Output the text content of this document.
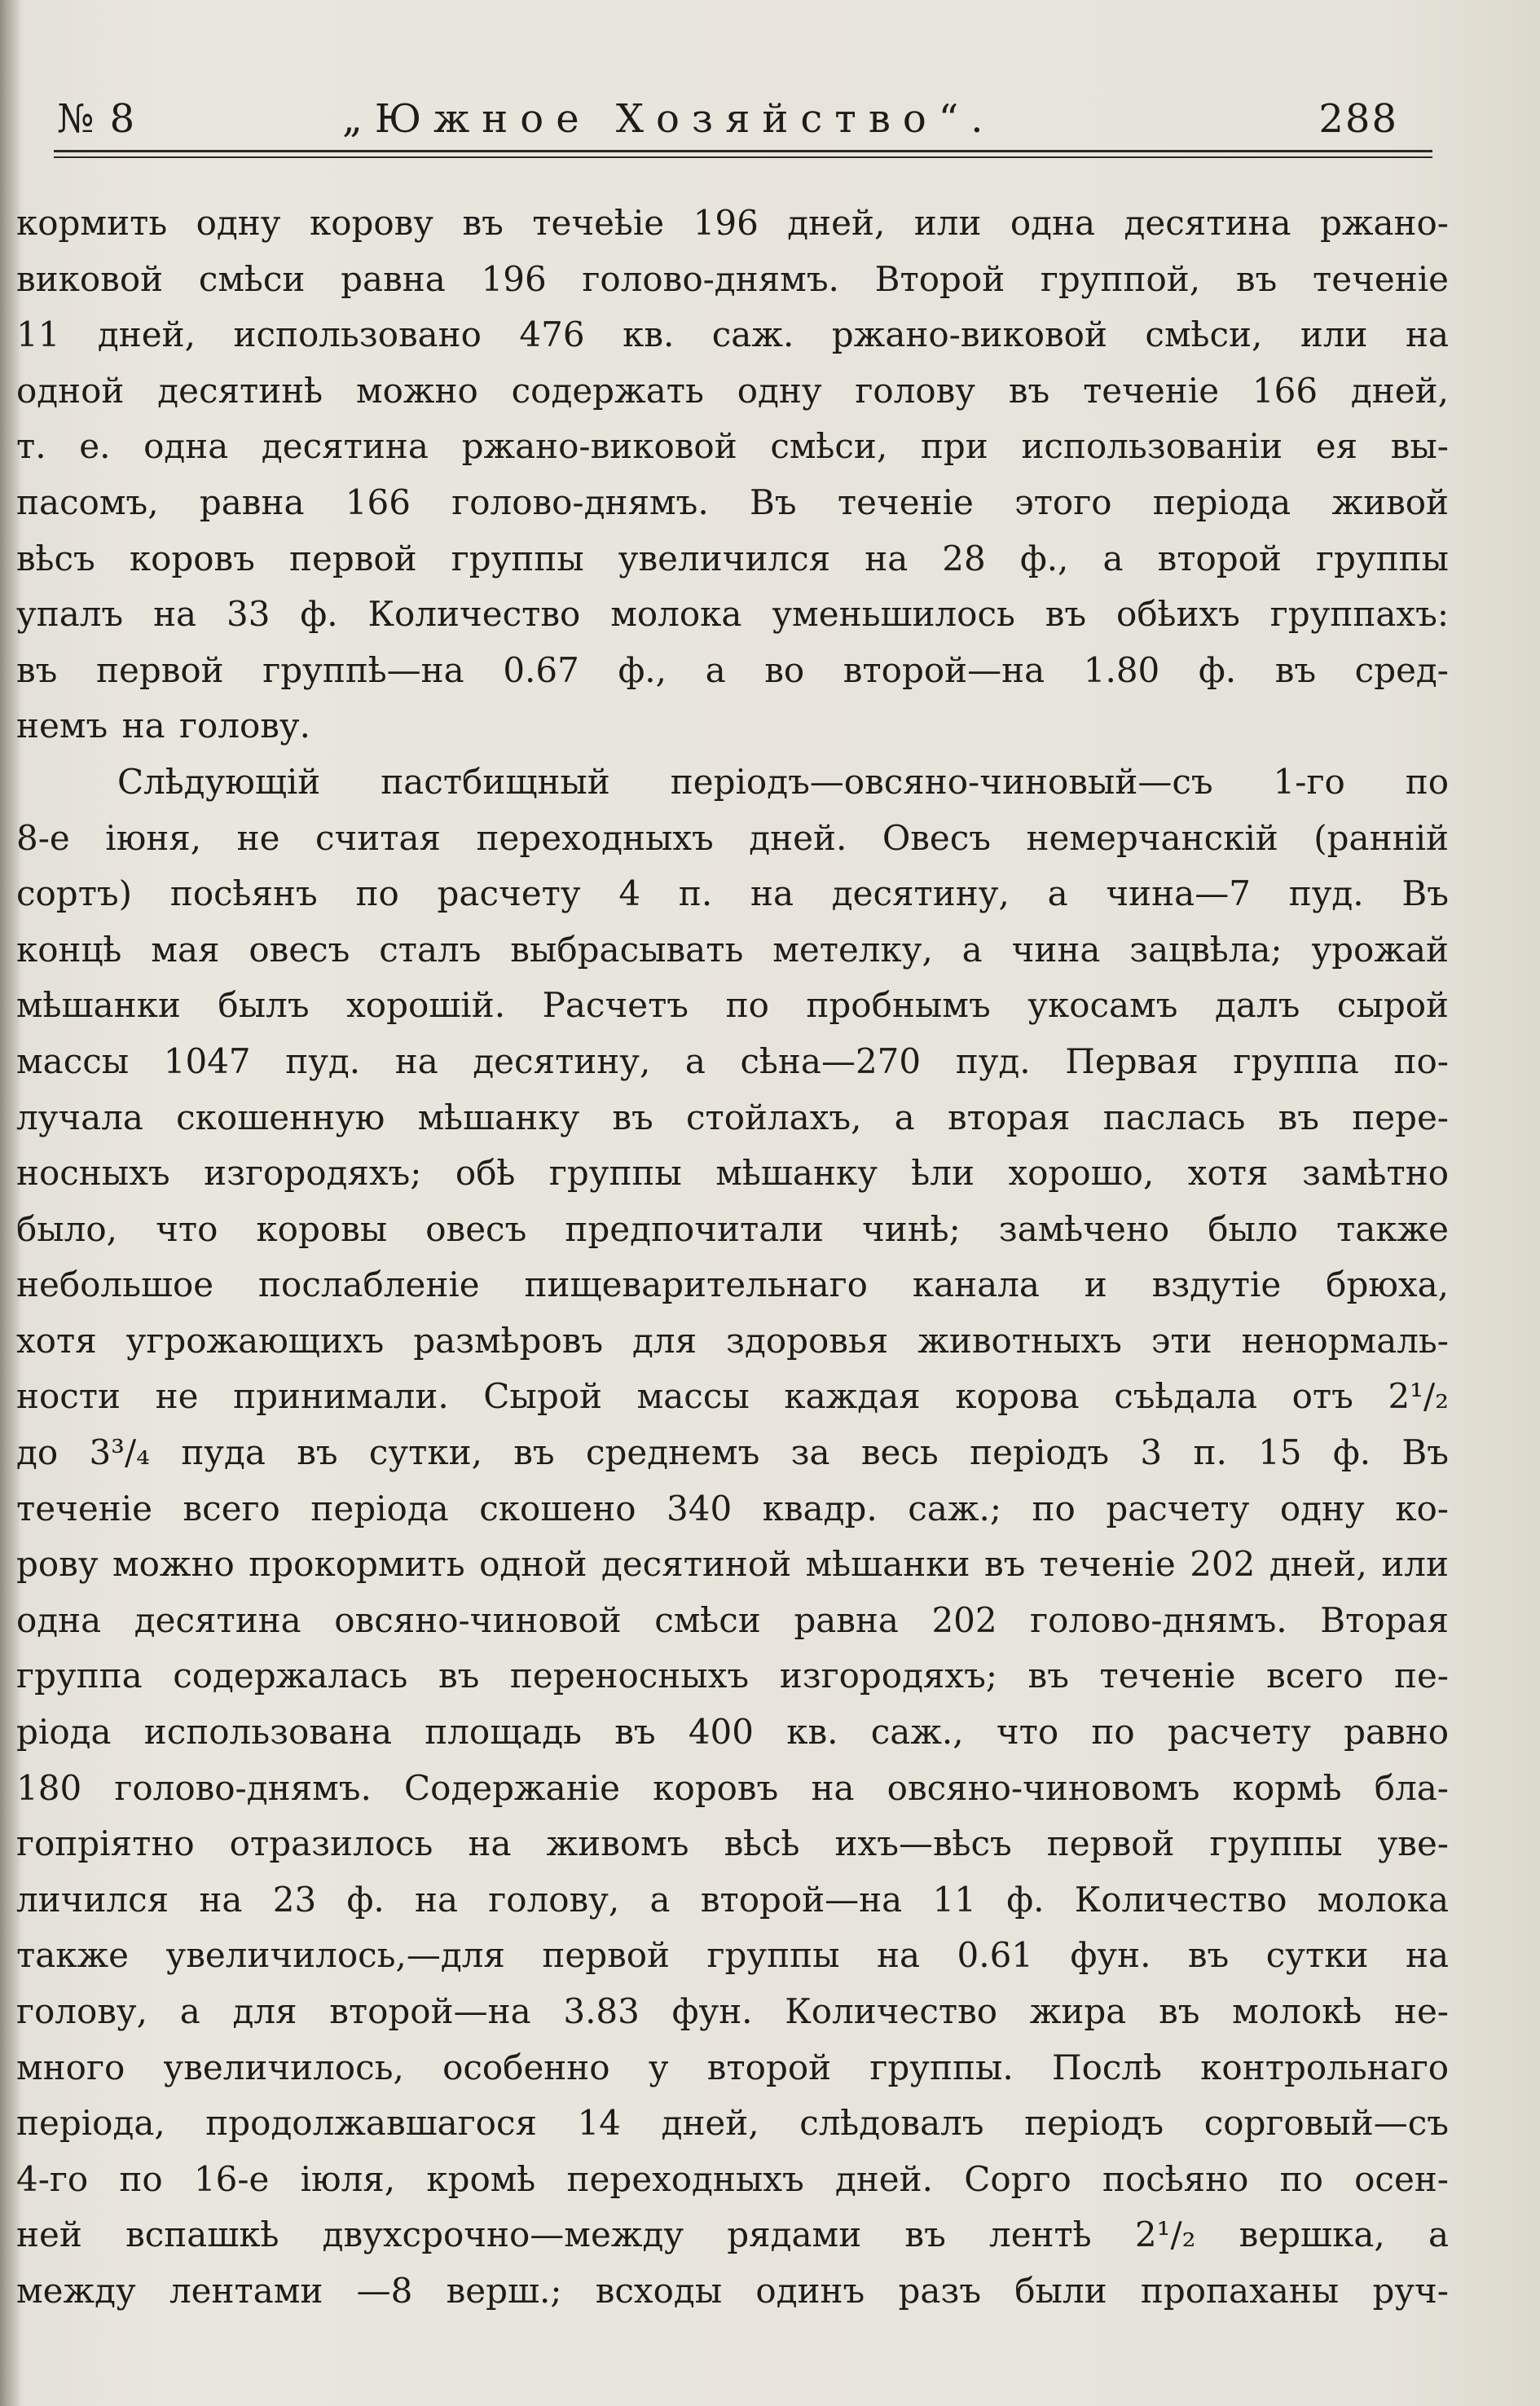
№ 8	„Южное Хозяйство“.	288
кормить одну корову въ течеҍiе 196 дней, или одна десятина ржано-
виковой смҍси равна 196 голово-днямъ. Второй группой, въ теченiе
11 дней, использовано 476 кв. саж. ржано-виковой смҍси, или на
одной десятинҍ можно содержать одну голову въ теченiе 166 дней,
т. е. одна десятина ржано-виковой смҍси, при использованiи ея вы-
пасомъ, равна 166 голово-днямъ. Въ теченiе этого перiода живой
вҍсъ коровъ первой группы увеличился на 28 ф., а второй группы
упалъ на 33 ф. Количество молока уменьшилось въ обҍихъ группахъ:
въ первой группҍ—на 0.67 ф., а во второй—на 1.80 ф. въ сред-
немъ на голову.
Слҍдующiй пастбищный перiодъ—овсяно-чиновый—съ 1-го по
8-е iюня, не считая переходныхъ дней. Овесъ немерчанскiй (раннiй
сортъ) посҍянъ по расчету 4 п. на десятину, а чина—7 пуд. Въ
концҍ мая овесъ сталъ выбрасывать метелку, а чина зацвҍла; урожай
мҍшанки былъ хорошiй. Расчетъ по пробнымъ укосамъ далъ сырой
массы 1047 пуд. на десятину, а сҍна—270 пуд. Первая группа по-
лучала скошенную мҍшанку въ стойлахъ, а вторая паслась въ пере-
носныхъ изгородяхъ; обҍ группы мҍшанку ҍли хорошо, хотя замҍтно
было, что коровы овесъ предпочитали чинҍ; замҍчено было также
небольшое послабленiе пищеварительнаго канала и вздутiе брюха,
хотя угрожающихъ размҍровъ для здоровья животныхъ эти ненормаль-
ности не принимали. Сырой массы каждая корова съҍдала отъ 2¹/₂
до 3³/₄ пуда въ сутки, въ среднемъ за весь перiодъ 3 п. 15 ф. Въ
теченiе всего перiода скошено 340 квадр. саж.; по расчету одну ко-
рову можно прокормить одной десятиной мҍшанки въ теченiе 202 дней, или
одна десятина овсяно-чиновой смҍси равна 202 голово-днямъ. Вторая
группа содержалась въ переносныхъ изгородяхъ; въ теченiе всего пе-
рiода использована площадь въ 400 кв. саж., что по расчету равно
180 голово-днямъ. Содержанiе коровъ на овсяно-чиновомъ кормҍ бла-
гопрiятно отразилось на живомъ вҍсҍ ихъ—вҍсъ первой группы уве-
личился на 23 ф. на голову, а второй—на 11 ф. Количество молока
также увеличилось,—для первой группы на 0.61 фун. въ сутки на
голову, а для второй—на 3.83 фун. Количество жира въ молокҍ не-
много увеличилось, особенно у второй группы. Послҍ контрольнаго
перiода, продолжавшагося 14 дней, слҍдовалъ перiодъ сорговый—съ
4-го по 16-е iюля, кромҍ переходныхъ дней. Сорго посҍяно по осен-
ней вспашкҍ двухсрочно—между рядами въ лентҍ 2¹/₂ вершка, а
между лентами —8 верш.; всходы одинъ разъ были пропаханы руч-
